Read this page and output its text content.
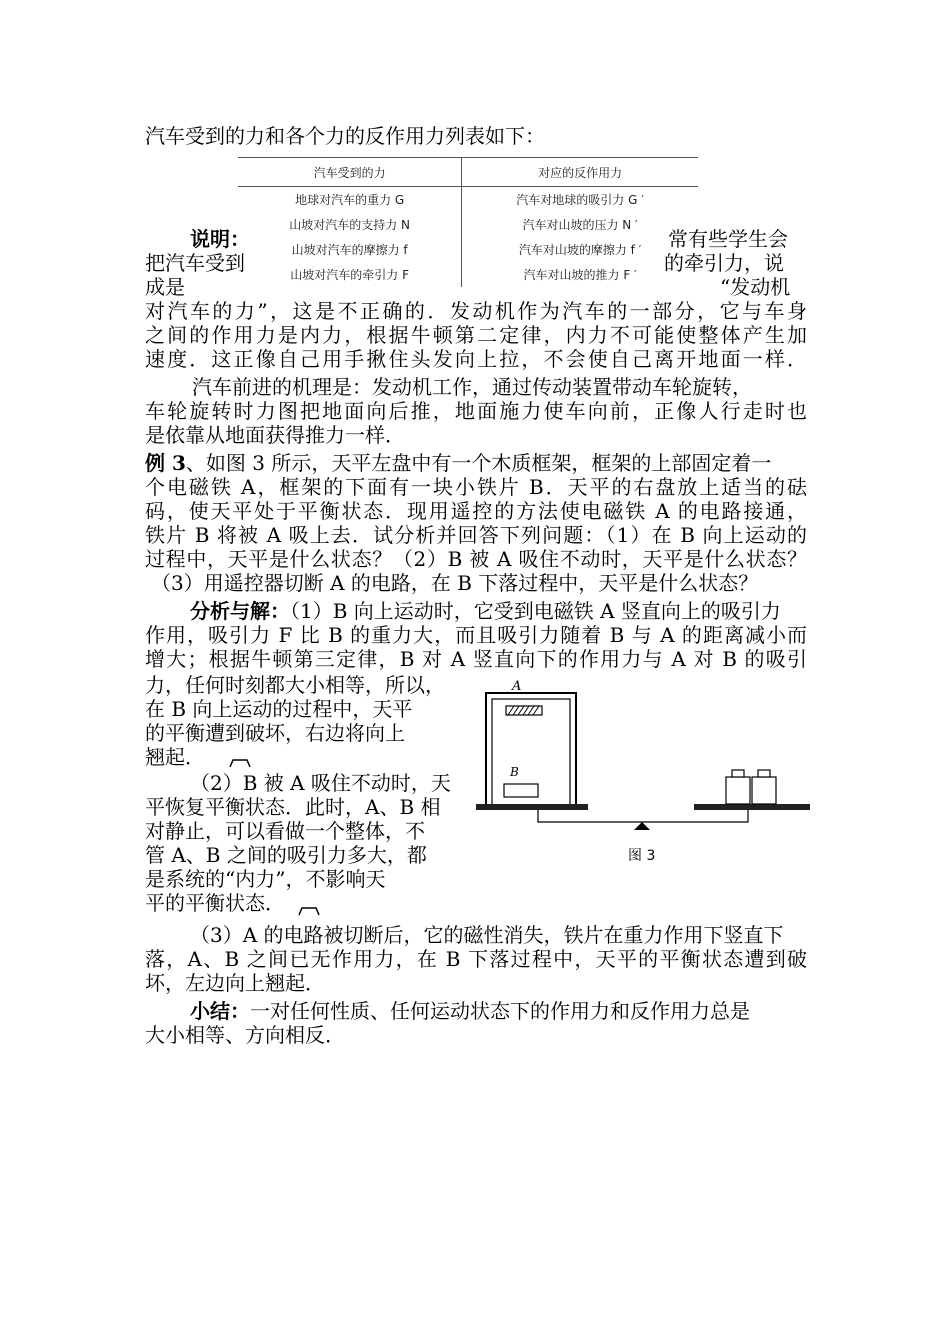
汽车受到的力和各个力的反作用力列表如下：
汽车受到的力	对应的反作用力
地球对汽车的重力 G	汽车对地球的吸引力 G ′
山坡对汽车的支持力 N	汽车对山坡的压力 N ′
山坡对汽车的摩擦力 f	汽车对山坡的摩擦力 f ′
山坡对汽车的牵引力 F	汽车对山坡的推力 F ′
说明：
把汽车受到
成是
常有些学生会
的牵引力，说
“发动机
对汽车的力”，这是不正确的．发动机作为汽车的一部分，它与车身
之间的作用力是内力，根据牛顿第二定律，内力不可能使整体产生加
速度．这正像自己用手揪住头发向上拉，不会使自己离开地面一样．
汽车前进的机理是：发动机工作，通过传动装置带动车轮旋转，
车轮旋转时力图把地面向后推，地面施力使车向前，正像人行走时也
是依靠从地面获得推力一样．
例 3、如图 3 所示，天平左盘中有一个木质框架，框架的上部固定着一
个电磁铁 A，框架的下面有一块小铁片 B．天平的右盘放上适当的砝
码，使天平处于平衡状态．现用遥控的方法使电磁铁 A 的电路接通，
铁片 B 将被 A 吸上去．试分析并回答下列问题：（1）在 B 向上运动的
过程中，天平是什么状态？（2）B 被 A 吸住不动时，天平是什么状态？
（3）用遥控器切断 A 的电路，在 B 下落过程中，天平是什么状态？
分析与解：（1）B 向上运动时，它受到电磁铁 A 竖直向上的吸引力
作用，吸引力 F 比 B 的重力大，而且吸引力随着 B 与 A 的距离减小而
增大；根据牛顿第三定律，B 对 A 竖直向下的作用力与 A 对 B 的吸引
力，任何时刻都大小相等，所以，
在 B 向上运动的过程中，天平
的平衡遭到破坏，右边将向上
翘起．
（2）B 被 A 吸住不动时，天
平恢复平衡状态．此时，A、B 相
对静止，可以看做一个整体，不
管 A、B 之间的吸引力多大，都
是系统的“内力”，不影响天
平的平衡状态．
A
B
图 3
（3）A 的电路被切断后，它的磁性消失，铁片在重力作用下竖直下
落，A、B 之间已无作用力，在 B 下落过程中，天平的平衡状态遭到破
坏，左边向上翘起．
小结：一对任何性质、任何运动状态下的作用力和反作用力总是
大小相等、方向相反．
